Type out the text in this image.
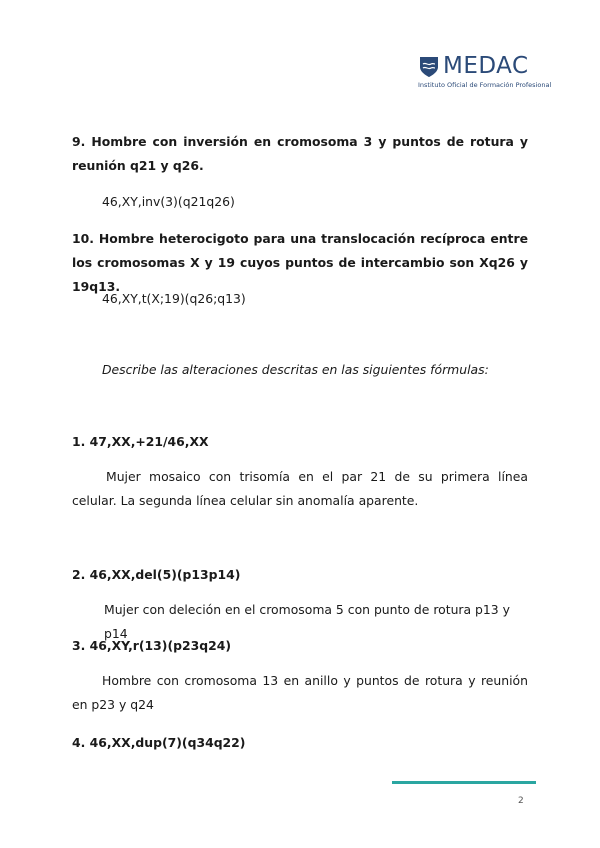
MEDAC
Instituto Oficial de Formación Profesional

9. Hombre con inversión en cromosoma 3 y puntos de rotura y reunión q21 y q26.

46,XY,inv(3)(q21q26)

10. Hombre heterocigoto para una translocación recíproca entre los cromosomas X y 19 cuyos puntos de intercambio son Xq26 y 19q13.

46,XY,t(X;19)(q26;q13)

Describe las alteraciones descritas en las siguientes fórmulas:

1. 47,XX,+21/46,XX

Mujer mosaico con trisomía en el par 21 de su primera línea celular. La segunda línea celular sin anomalía aparente.

2. 46,XX,del(5)(p13p14)

Mujer con deleción en el cromosoma 5 con punto de rotura p13 y p14

3. 46,XY,r(13)(p23q24)

Hombre con cromosoma 13 en anillo y puntos de rotura y reunión en p23 y q24

4. 46,XX,dup(7)(q34q22)

2
